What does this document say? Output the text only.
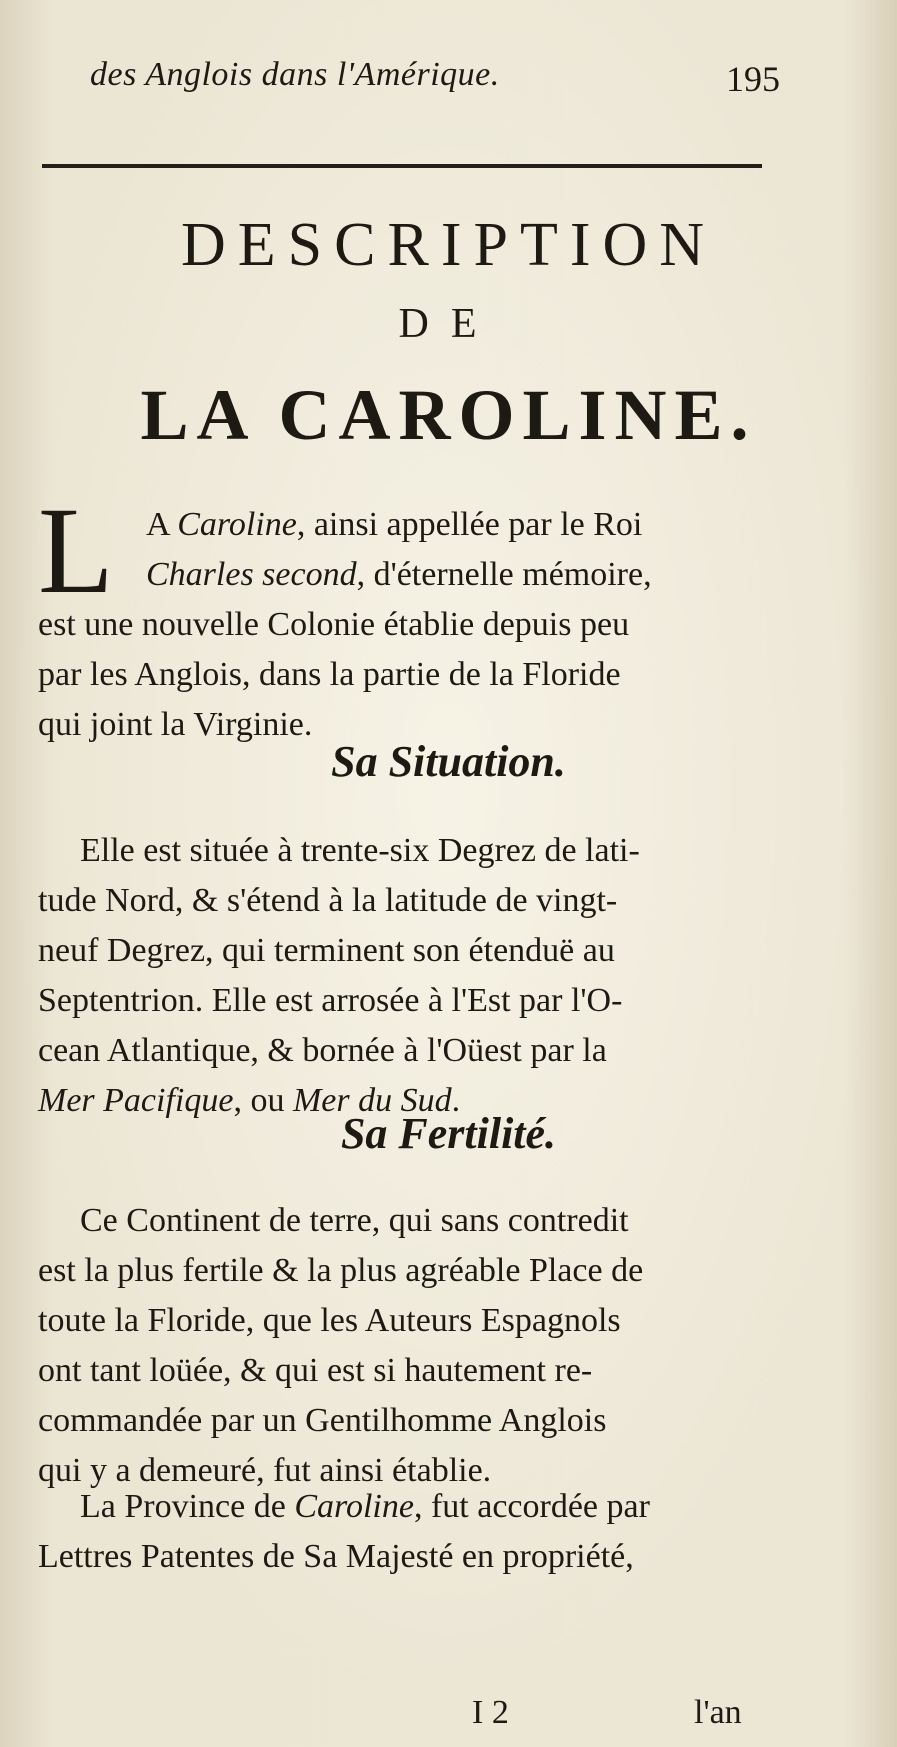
des Anglois dans l'Amérique.	195
DESCRIPTION
DE
LA CAROLINE.
L A Caroline, ainsi appellée par le Roi
Charles second, d'éternelle mémoire,
est une nouvelle Colonie établie depuis peu
par les Anglois, dans la partie de la Floride
qui joint la Virginie.

Sa Situation.

Elle est située à trente-six Degrez de lati-
tude Nord, & s'étend à la latitude de vingt-
neuf Degrez, qui terminent son étenduë au
Septentrion. Elle est arrosée à l'Est par l'O-
cean Atlantique, & bornée à l'Oüest par la
Mer Pacifique, ou Mer du Sud.

Sa Fertilité.

Ce Continent de terre, qui sans contredit
est la plus fertile & la plus agréable Place de
toute la Floride, que les Auteurs Espagnols
ont tant loüée, & qui est si hautement re-
commandée par un Gentilhomme Anglois
qui y a demeuré, fut ainsi établie.

La Province de Caroline, fut accordée par
Lettres Patentes de Sa Majesté en propriété,

I 2	l'an
